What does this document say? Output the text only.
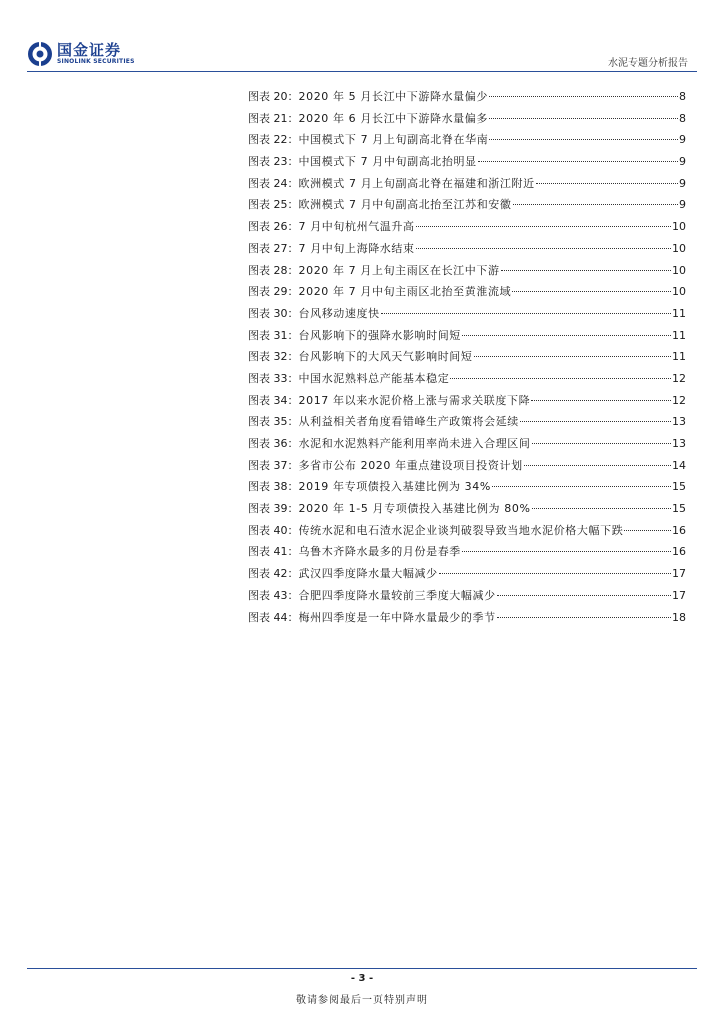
国金证券
SINOLINK SECURITIES	水泥专题分析报告
图表 20： 2020 年 5 月长江中下游降水量偏少	8
图表 21： 2020 年 6 月长江中下游降水量偏多	8
图表 22： 中国模式下 7 月上旬副高北脊在华南	9
图表 23： 中国模式下 7 月中旬副高北抬明显	9
图表 24： 欧洲模式 7 月上旬副高北脊在福建和浙江附近	9
图表 25： 欧洲模式 7 月中旬副高北抬至江苏和安徽	9
图表 26： 7 月中旬杭州气温升高	10
图表 27： 7 月中旬上海降水结束	10
图表 28： 2020 年 7 月上旬主雨区在长江中下游	10
图表 29： 2020 年 7 月中旬主雨区北抬至黄淮流域	10
图表 30： 台风移动速度快	11
图表 31： 台风影响下的强降水影响时间短	11
图表 32： 台风影响下的大风天气影响时间短	11
图表 33： 中国水泥熟料总产能基本稳定	12
图表 34： 2017 年以来水泥价格上涨与需求关联度下降	12
图表 35： 从利益相关者角度看错峰生产政策将会延续	13
图表 36： 水泥和水泥熟料产能利用率尚未进入合理区间	13
图表 37： 多省市公布 2020 年重点建设项目投资计划	14
图表 38： 2019 年专项债投入基建比例为 34%	15
图表 39： 2020 年 1-5 月专项债投入基建比例为 80%	15
图表 40： 传统水泥和电石渣水泥企业谈判破裂导致当地水泥价格大幅下跌	16
图表 41： 乌鲁木齐降水最多的月份是春季	16
图表 42： 武汉四季度降水量大幅减少	17
图表 43： 合肥四季度降水量较前三季度大幅减少	17
图表 44： 梅州四季度是一年中降水量最少的季节	18
- 3 -
敬请参阅最后一页特别声明
